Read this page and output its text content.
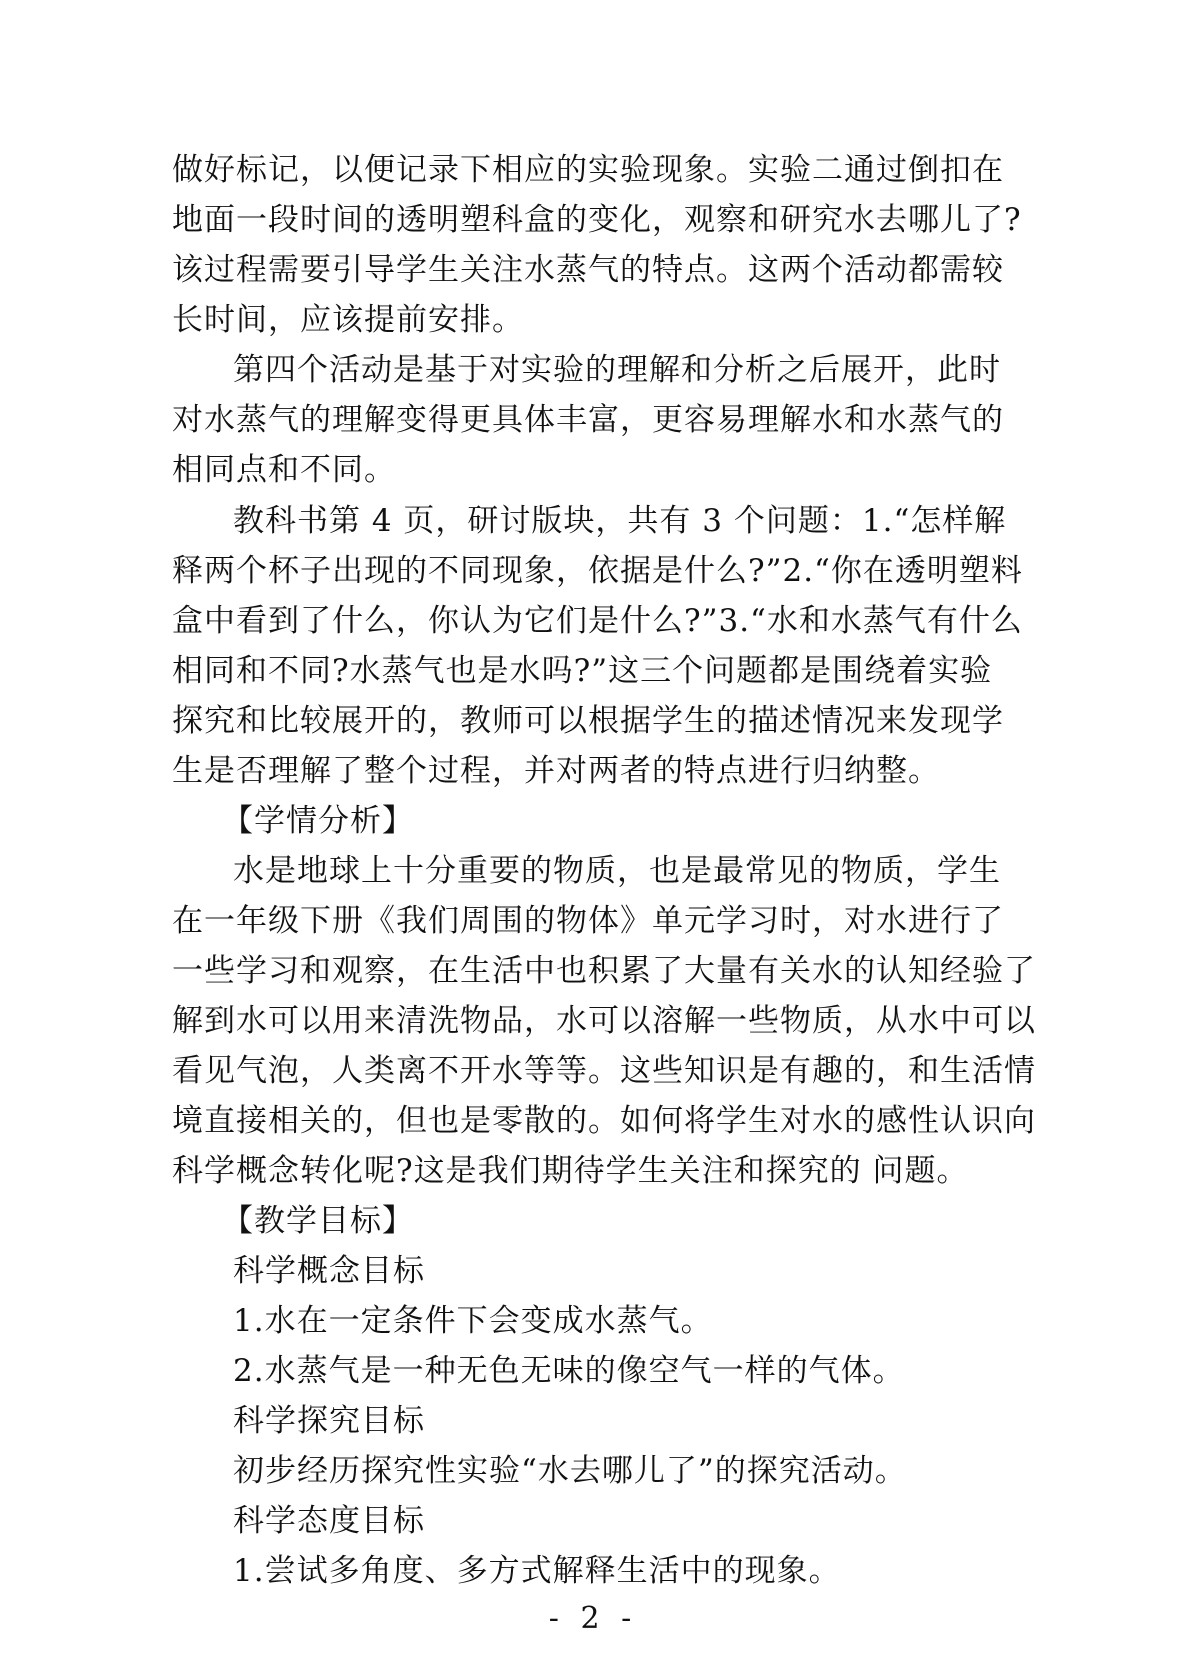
做好标记，以便记录下相应的实验现象。实验二通过倒扣在
地面一段时间的透明塑科盒的变化，观察和研究水去哪儿了?
该过程需要引导学生关注水蒸气的特点。这两个活动都需较
长时间，应该提前安排。
第四个活动是基于对实验的理解和分析之后展开，此时
对水蒸气的理解变得更具体丰富，更容易理解水和水蒸气的
相同点和不同。
教科书第 4 页，研讨版块，共有 3 个问题：1.“怎样解
释两个杯子出现的不同现象，依据是什么?”2.“你在透明塑料
盒中看到了什么，你认为它们是什么?”3.“水和水蒸气有什么
相同和不同?水蒸气也是水吗?”这三个问题都是围绕着实验
探究和比较展开的，教师可以根据学生的描述情况来发现学
生是否理解了整个过程，并对两者的特点进行归纳整。
【学情分析】
水是地球上十分重要的物质，也是最常见的物质，学生
在一年级下册《我们周围的物体》单元学习时，对水进行了
一些学习和观察，在生活中也积累了大量有关水的认知经验了
解到水可以用来清洗物品，水可以溶解一些物质，从水中可以
看见气泡，人类离不开水等等。这些知识是有趣的，和生活情
境直接相关的，但也是零散的。如何将学生对水的感性认识向
科学概念转化呢?这是我们期待学生关注和探究的 问题。
【教学目标】
科学概念目标
1.水在一定条件下会变成水蒸气。
2.水蒸气是一种无色无味的像空气一样的气体。
科学探究目标
初步经历探究性实验“水去哪儿了”的探究活动。
科学态度目标
1.尝试多角度、多方式解释生活中的现象。
- 2 -
